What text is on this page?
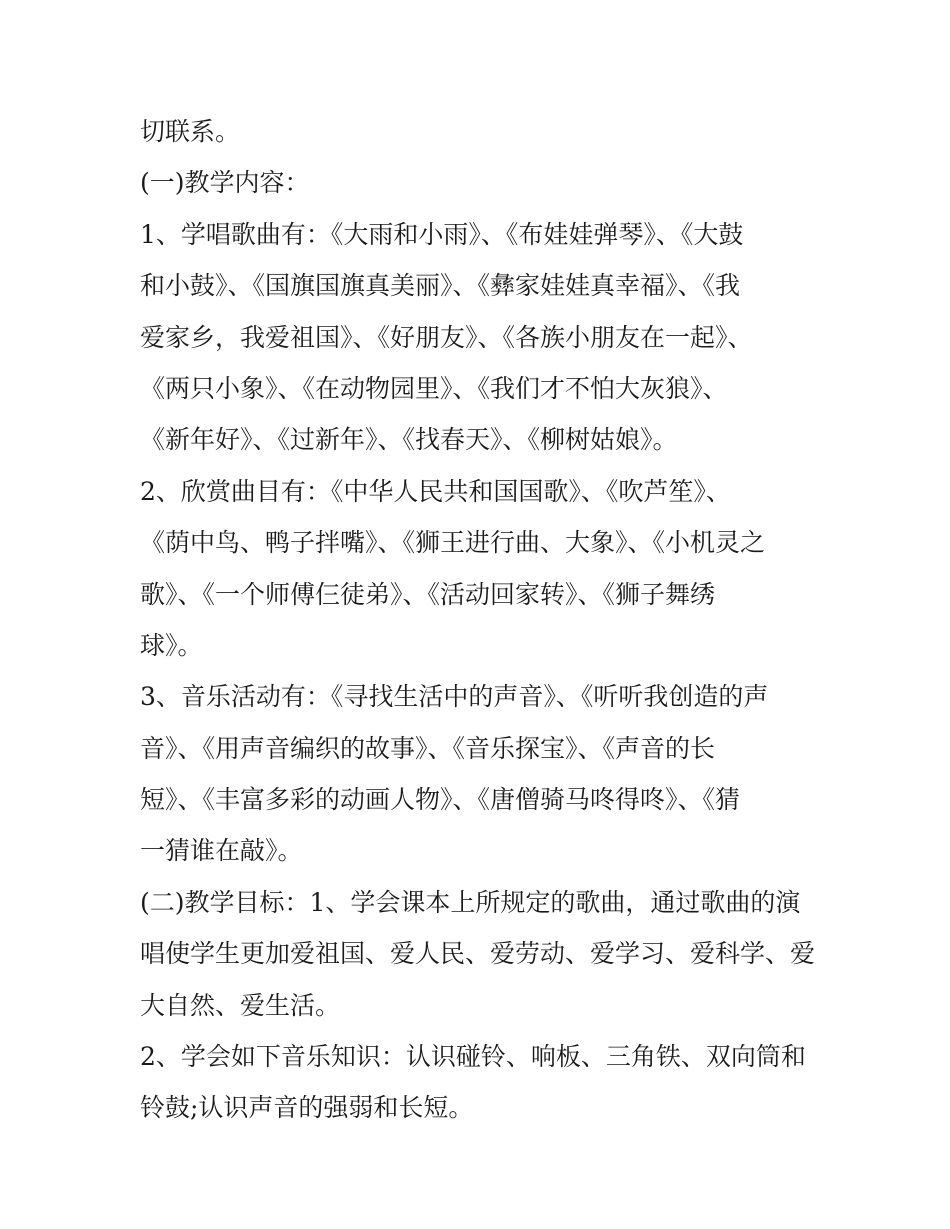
切联系。
(一)教学内容：
1、学唱歌曲有：《大雨和小雨》、《布娃娃弹琴》、《大鼓
和小鼓》、《国旗国旗真美丽》、《彝家娃娃真幸福》、《我
爱家乡，我爱祖国》、《好朋友》、《各族小朋友在一起》、
《两只小象》、《在动物园里》、《我们才不怕大灰狼》、
《新年好》、《过新年》、《找春天》、《柳树姑娘》。
2、欣赏曲目有：《中华人民共和国国歌》、《吹芦笙》、
《荫中鸟、鸭子拌嘴》、《狮王进行曲、大象》、《小机灵之
歌》、《一个师傅仨徒弟》、《活动回家转》、《狮子舞绣
球》。
3、音乐活动有：《寻找生活中的声音》、《听听我创造的声
音》、《用声音编织的故事》、《音乐探宝》、《声音的长
短》、《丰富多彩的动画人物》、《唐僧骑马咚得咚》、《猜
一猜谁在敲》。
(二)教学目标：1、学会课本上所规定的歌曲，通过歌曲的演
唱使学生更加爱祖国、爱人民、爱劳动、爱学习、爱科学、爱
大自然、爱生活。
2、学会如下音乐知识：认识碰铃、响板、三角铁、双向筒和
铃鼓;认识声音的强弱和长短。
